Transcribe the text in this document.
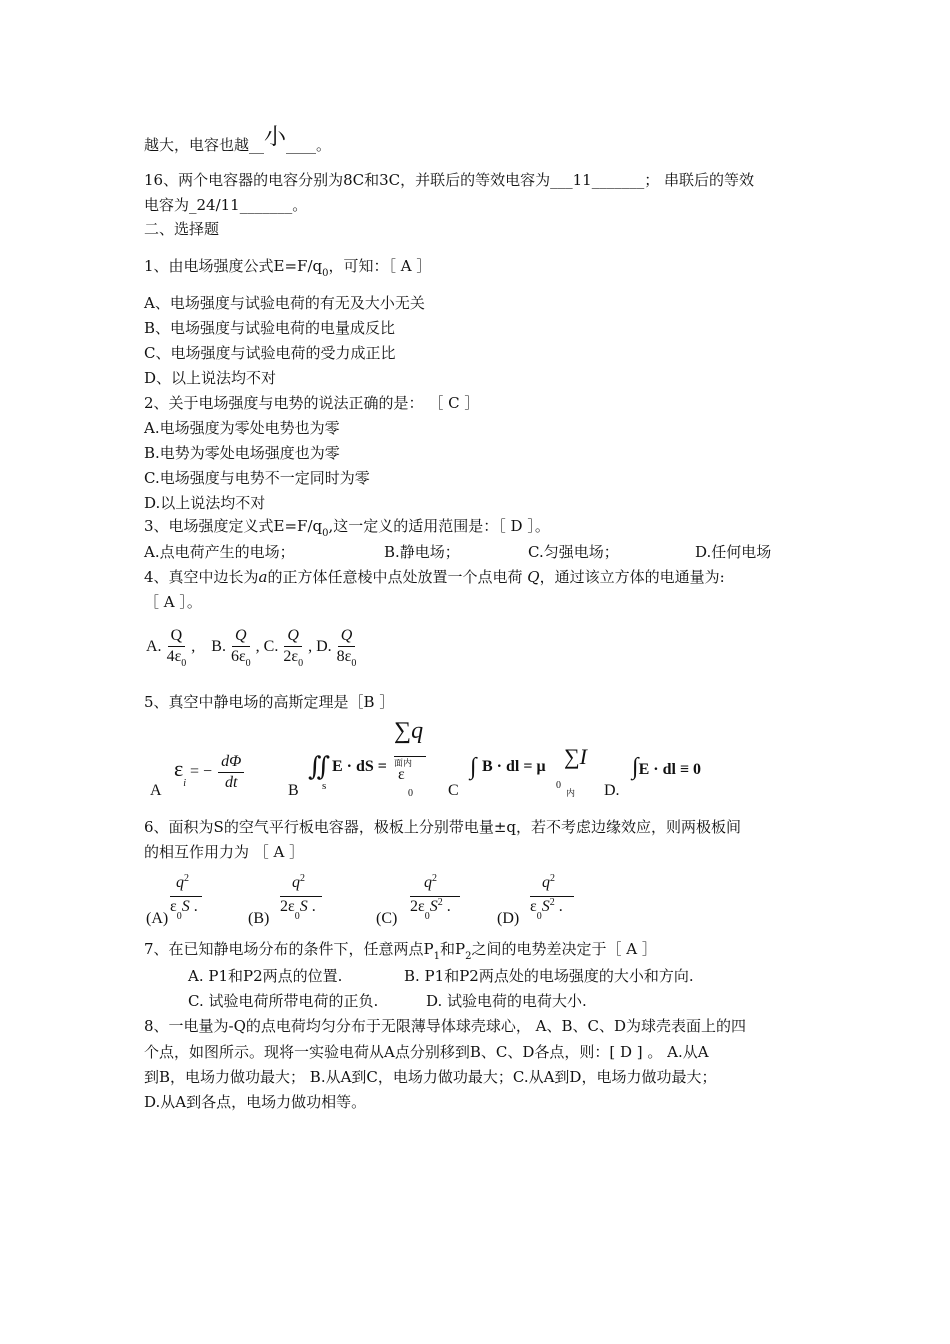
越大，电容也越__小____。
16、两个电容器的电容分别为8C和3C，并联后的等效电容为___11_______； 串联后的等效
电容为_24/11_______。
二、选择题
1、由电场强度公式$E=F/q_0$，可知：［ A ］
A、电场强度与试验电荷的有无及大小无关
B、电场强度与试验电荷的电量成反比
C、电场强度与试验电荷的受力成正比
D、以上说法均不对
2、关于电场强度与电势的说法正确的是： ［ C ］
A.电场强度为零处电势也为零
B.电势为零处电场强度也为零
C.电场强度与电势不一定同时为零
D.以上说法均不对
3、电场强度定义式$E=F/q_0$,这一定义的适用范围是：［ D ］。
A.点电荷产生的电场；	B.静电场；	C.匀强电场；	D.任何电场
4、真空中边长为a的正方体任意棱中点处放置一个点电荷 Q，通过该立方体的电通量为:
［ A ］。
A. $\frac{Q}{4\varepsilon_0}$ , B. $\frac{Q}{6\varepsilon_0}$ , C. $\frac{Q}{2\varepsilon_0}$ , D. $\frac{Q}{8\varepsilon_0}$
5、真空中静电场的高斯定理是［B ］
A
$\varepsilon_i$ = − $\frac{d\Phi}{dt}$	B
∬
s
E · dS =
∑q
面内
ε
0 C
∫ B · dl = μ
0
∑I
内 D.
∫E · dl ≡ 0
6、面积为S的空气平行板电容器，极板上分别带电量±q，若不考虑边缘效应，则两极板间
的相互作用力为 ［ A ］
(A)
$q^2$
$\varepsilon_0S$ .
(B)
$q^2$
$2\varepsilon_0S$ .
(C)
$q^2$
$2\varepsilon_0S^2$ .
(D)
$q^2$
$\varepsilon_0S^2$ .
7、在已知静电场分布的条件下，任意两点$P_1$和$P_2$之间的电势差决定于［ A ］
A. P1和P2两点的位置.	B. P1和P2两点处的电场强度的大小和方向.
C. 试验电荷所带电荷的正负.	D. 试验电荷的电荷大小.
8、一电量为-Q的点电荷均匀分布于无限薄导体球壳球心， A、B、C、D为球壳表面上的四
个点，如图所示。现将一实验电荷从A点分别移到B、C、D各点，则：[ D ] 。 A.从A
到B，电场力做功最大； B.从A到C，电场力做功最大；C.从A到D，电场力做功最大；
D.从A到各点，电场力做功相等。
